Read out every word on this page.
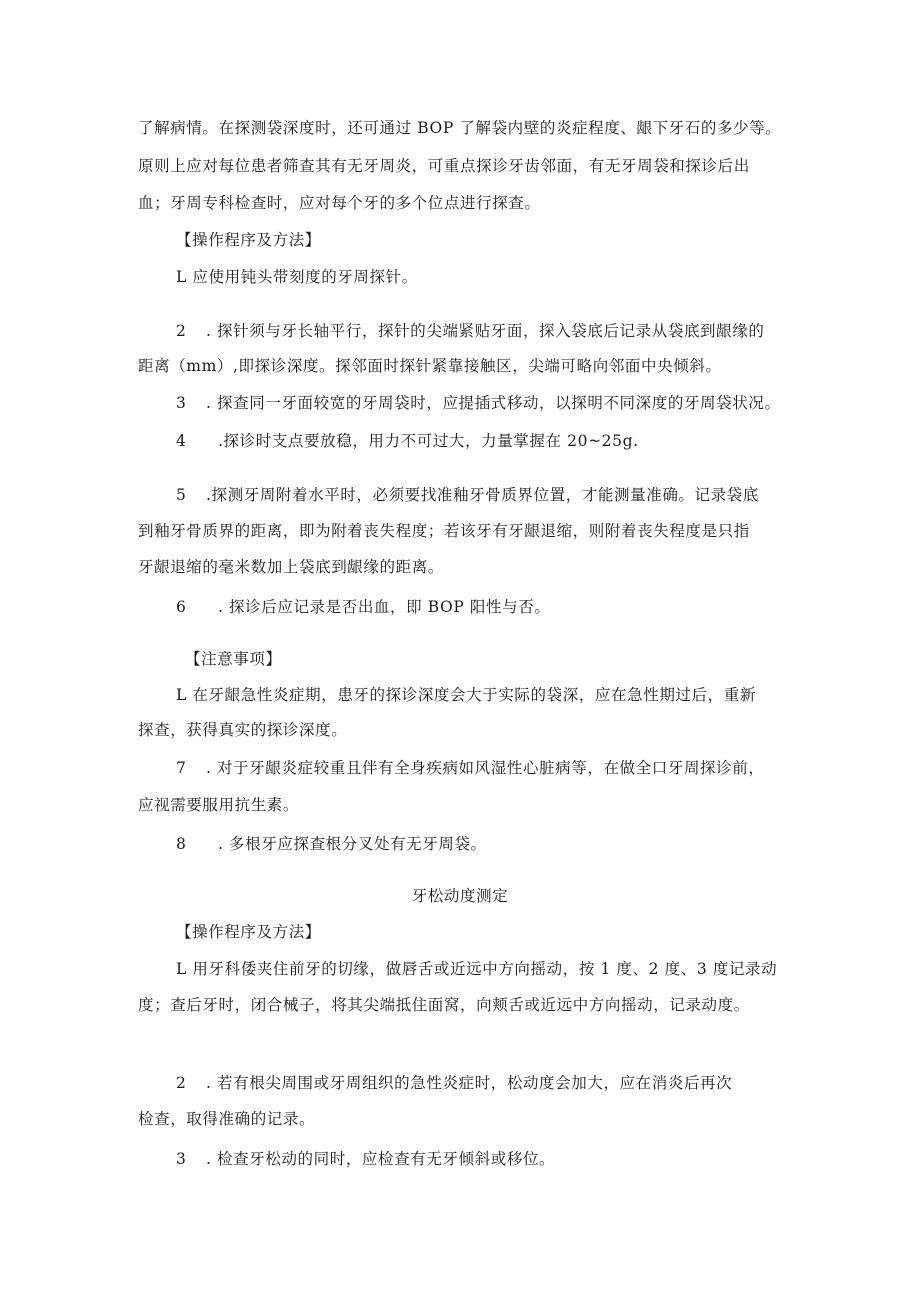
了解病情。在探测袋深度时，还可通过 BOP 了解袋内壁的炎症程度、龈下牙石的多少等。
原则上应对每位患者筛查其有无牙周炎，可重点探诊牙齿邻面，有无牙周袋和探诊后出
血；牙周专科检查时，应对每个牙的多个位点进行探查。
【操作程序及方法】
L 应使用钝头带刻度的牙周探针。
2 . 探针须与牙长轴平行，探针的尖端紧贴牙面，探入袋底后记录从袋底到龈缘的
距离（mm）,即探诊深度。探邻面时探针紧靠接触区，尖端可略向邻面中央倾斜。
3 . 探查同一牙面较宽的牙周袋时，应提插式移动，以探明不同深度的牙周袋状况。
4 .探诊时支点要放稳，用力不可过大，力量掌握在 20~25g.
5 .探测牙周附着水平时，必须要找准釉牙骨质界位置，才能测量准确。记录袋底
到釉牙骨质界的距离，即为附着丧失程度；若该牙有牙龈退缩，则附着丧失程度是只指
牙龈退缩的毫米数加上袋底到龈缘的距离。
6 . 探诊后应记录是否出血，即 BOP 阳性与否。
【注意事项】
L 在牙龈急性炎症期，患牙的探诊深度会大于实际的袋深，应在急性期过后，重新
探查，获得真实的探诊深度。
7 . 对于牙龈炎症较重且伴有全身疾病如风湿性心脏病等，在做全口牙周探诊前，
应视需要服用抗生素。
8 . 多根牙应探查根分叉处有无牙周袋。
牙松动度测定
【操作程序及方法】
L 用牙科倭夹住前牙的切缘，做唇舌或近远中方向摇动，按 1 度、2 度、3 度记录动
度；查后牙时，闭合械子，将其尖端抵住面窝，向颊舌或近远中方向摇动，记录动度。
2 . 若有根尖周围或牙周组织的急性炎症时，松动度会加大，应在消炎后再次
检查，取得准确的记录。
3 . 检查牙松动的同时，应检查有无牙倾斜或移位。
